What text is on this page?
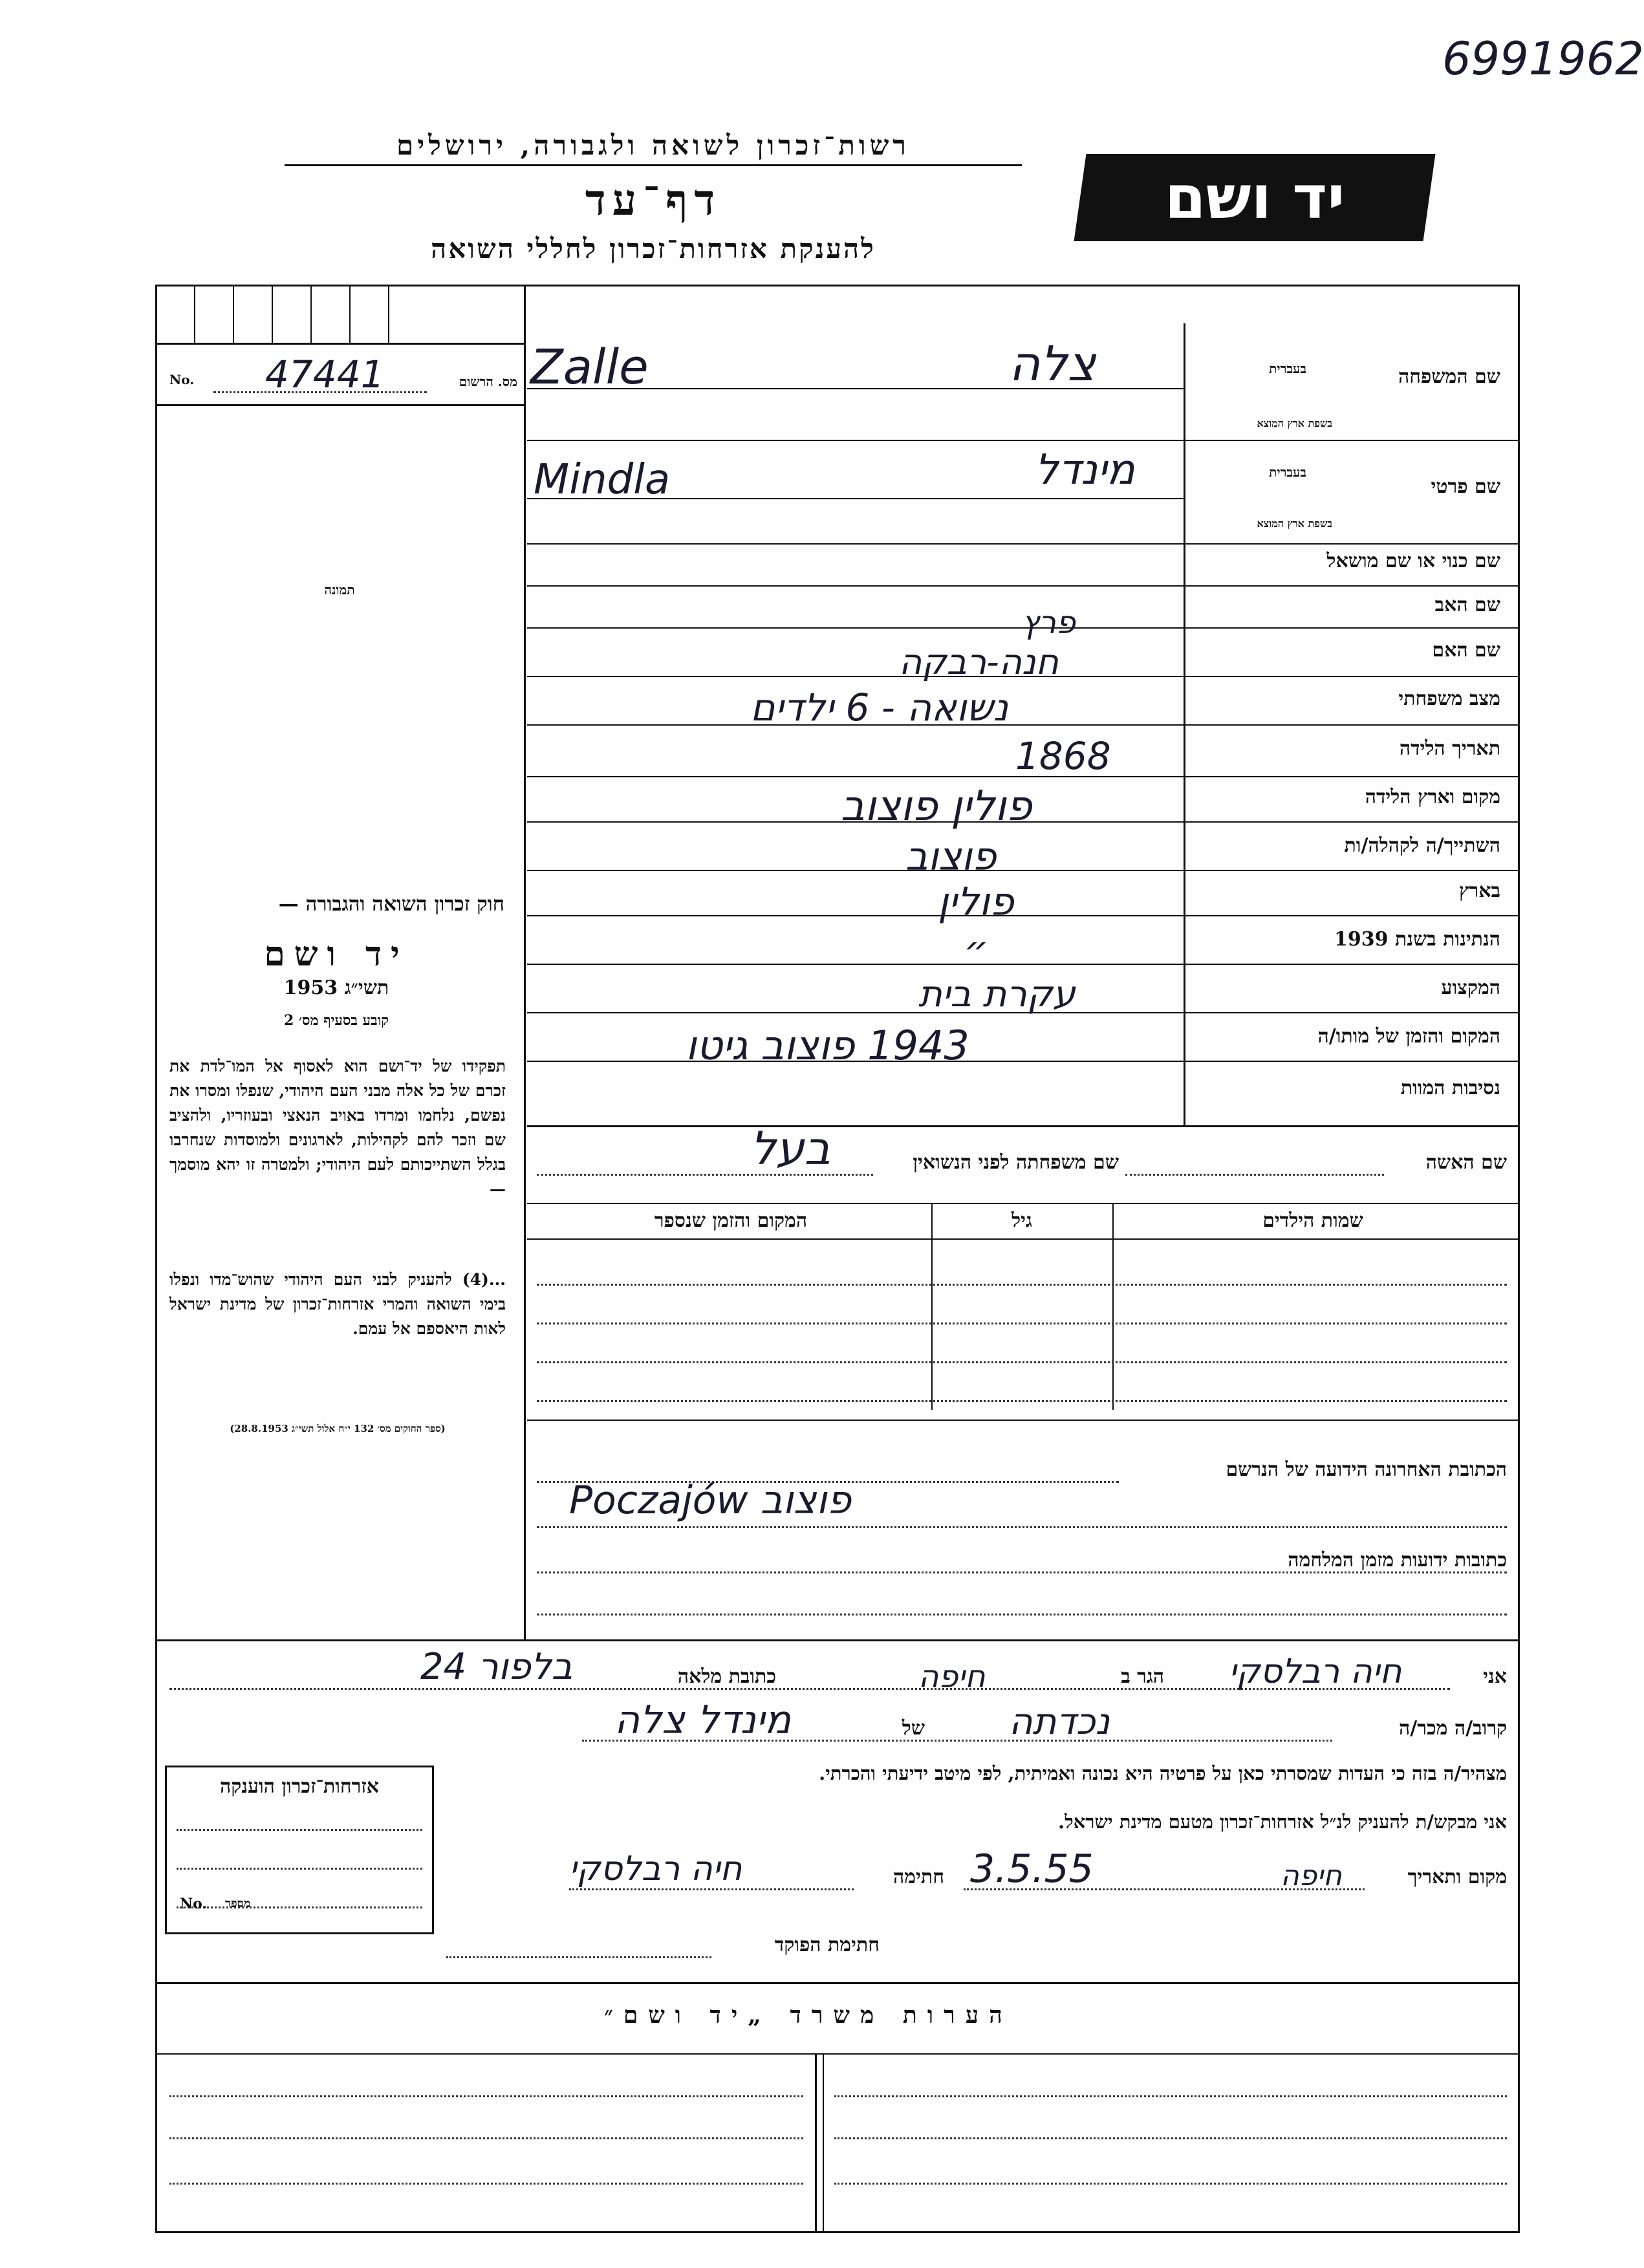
6991962
רשות־זכרון לשואה ולגבורה, ירושלים
דף־עד
להענקת אזרחות־זכרון לחללי השואה
יד ושם
No. 47441	מס. הרשום
תמונה
חוק זכרון השואה והגבורה —
יד ושם
תשי״ג 1953
קובע בסעיף מס׳ 2
תפקידו של יד־ושם הוא לאסוף אל המו־לדת את זכרם של כל אלה מבני העם היהודי, שנפלו ומסרו את נפשם, נלחמו ומרדו באויב הנאצי ובעוזריו, ולהציב שם וזכר להם לקהילות, לארגונים ולמוסדות שנחרבו בגלל השתייכותם לעם היהודי; ולמטרה זו יהא מוסמך —
...(4) להעניק לבני העם היהודי שהוש־מדו ונפלו בימי השואה והמרי אזרחות־זכרון של מדינת ישראל לאות היאספם אל עמם.
(ספר החוקים מס׳ 132 י״ח אלול תשי״ג 28.8.1953)
שם המשפחה
בעברית
בשפת ארץ המוצא
צלה
Zalle
שם פרטי
בעברית
בשפת ארץ המוצא
מינדל
Mindla
שם כנוי או שם מושאל
שם האב
פרץ
שם האם
חנה-רבקה
מצב משפחתי
נשואה - 6 ילדים
תאריך הלידה
1868
מקום וארץ הלידה
פולין פוצוב
השתייך/ה לקהלה/ות
פוצוב
בארץ
פולין
הנתינות בשנת 1939
״
המקצוע
עקרת בית
המקום והזמן של מותו/ה
1943 פוצוב גיטו
נסיבות המוות
שם האשה
שם משפחתה לפני הנשואין
בעל
שמות הילדים
גיל
המקום והזמן שנספר
הכתובת האחרונה הידועה של הנרשם
Poczajów פוצוב
כתובות ידועות מזמן המלחמה
אני
חיה רבלסקי
הגר ב
חיפה
כתובת מלאה
בלפור 24
קרוב/ה מכר/ה
נכדתה
של
מינדל צלה
מצהיר/ה בזה כי העדות שמסרתי כאן על פרטיה היא נכונה ואמיתית, לפי מיטב ידיעתי והכרתי.
אני מבקש/ת להעניק לנ״ל אזרחות־זכרון מטעם מדינת ישראל.
מקום ותאריך
חיפה
3.5.55
חתימה
חיה רבלסקי
חתימת הפוקד
אזרחות־זכרון הוענקה
No. מספר
הערות משרד „יד ושם״
